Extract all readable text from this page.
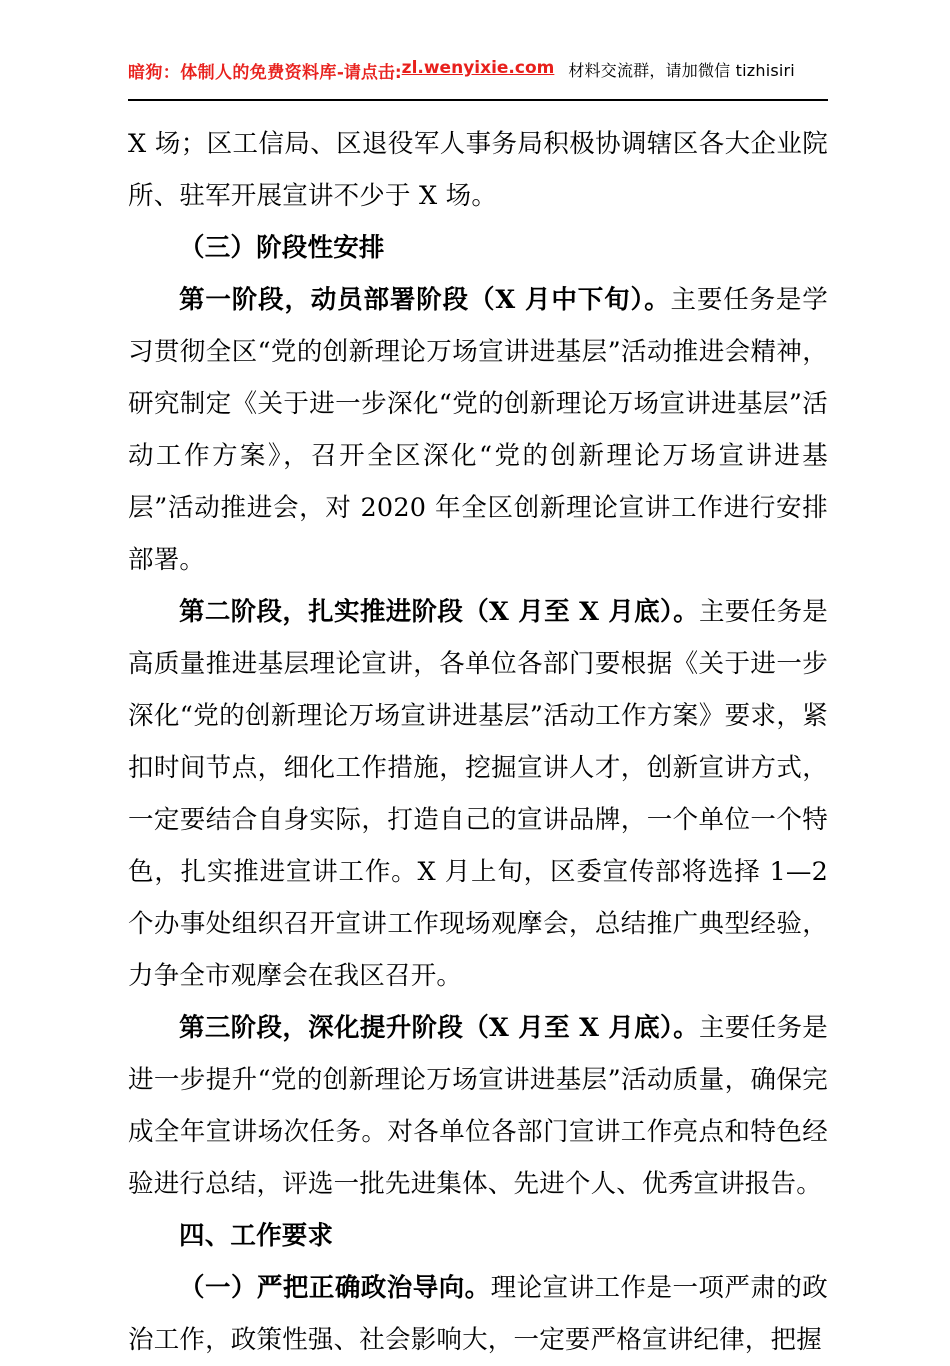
暗狗：体制人的免费资料库 -请点击: zl.wenyixie.com 材料交流群，请加微信 tizhisiri

X 场；区工信局、区退役军人事务局积极协调辖区各大企业院所、驻军开展宣讲不少于 X 场。

（三）阶段性安排

第一阶段，动员部署阶段（X 月中下旬）。主要任务是学习贯彻全区“党的创新理论万场宣讲进基层”活动推进会精神，研究制定《关于进一步深化“党的创新理论万场宣讲进基层”活动工作方案》，召开全区深化“党的创新理论万场宣讲进基层”活动推进会，对 2020 年全区创新理论宣讲工作进行安排部署。

第二阶段，扎实推进阶段（X 月至 X 月底）。主要任务是高质量推进基层理论宣讲，各单位各部门要根据《关于进一步深化“党的创新理论万场宣讲进基层”活动工作方案》要求，紧扣时间节点，细化工作措施，挖掘宣讲人才，创新宣讲方式，一定要结合自身实际，打造自己的宣讲品牌，一个单位一个特色，扎实推进宣讲工作。X 月上旬，区委宣传部将选择 1—2 个办事处组织召开宣讲工作现场观摩会，总结推广典型经验，力争全市观摩会在我区召开。

第三阶段，深化提升阶段（X 月至 X 月底）。主要任务是进一步提升“党的创新理论万场宣讲进基层”活动质量，确保完成全年宣讲场次任务。对各单位各部门宣讲工作亮点和特色经验进行总结，评选一批先进集体、先进个人、优秀宣讲报告。

四、工作要求

（一）严把正确政治导向。理论宣讲工作是一项严肃的政治工作，政策性强、社会影响大，一定要严格宣讲纪律，把握
